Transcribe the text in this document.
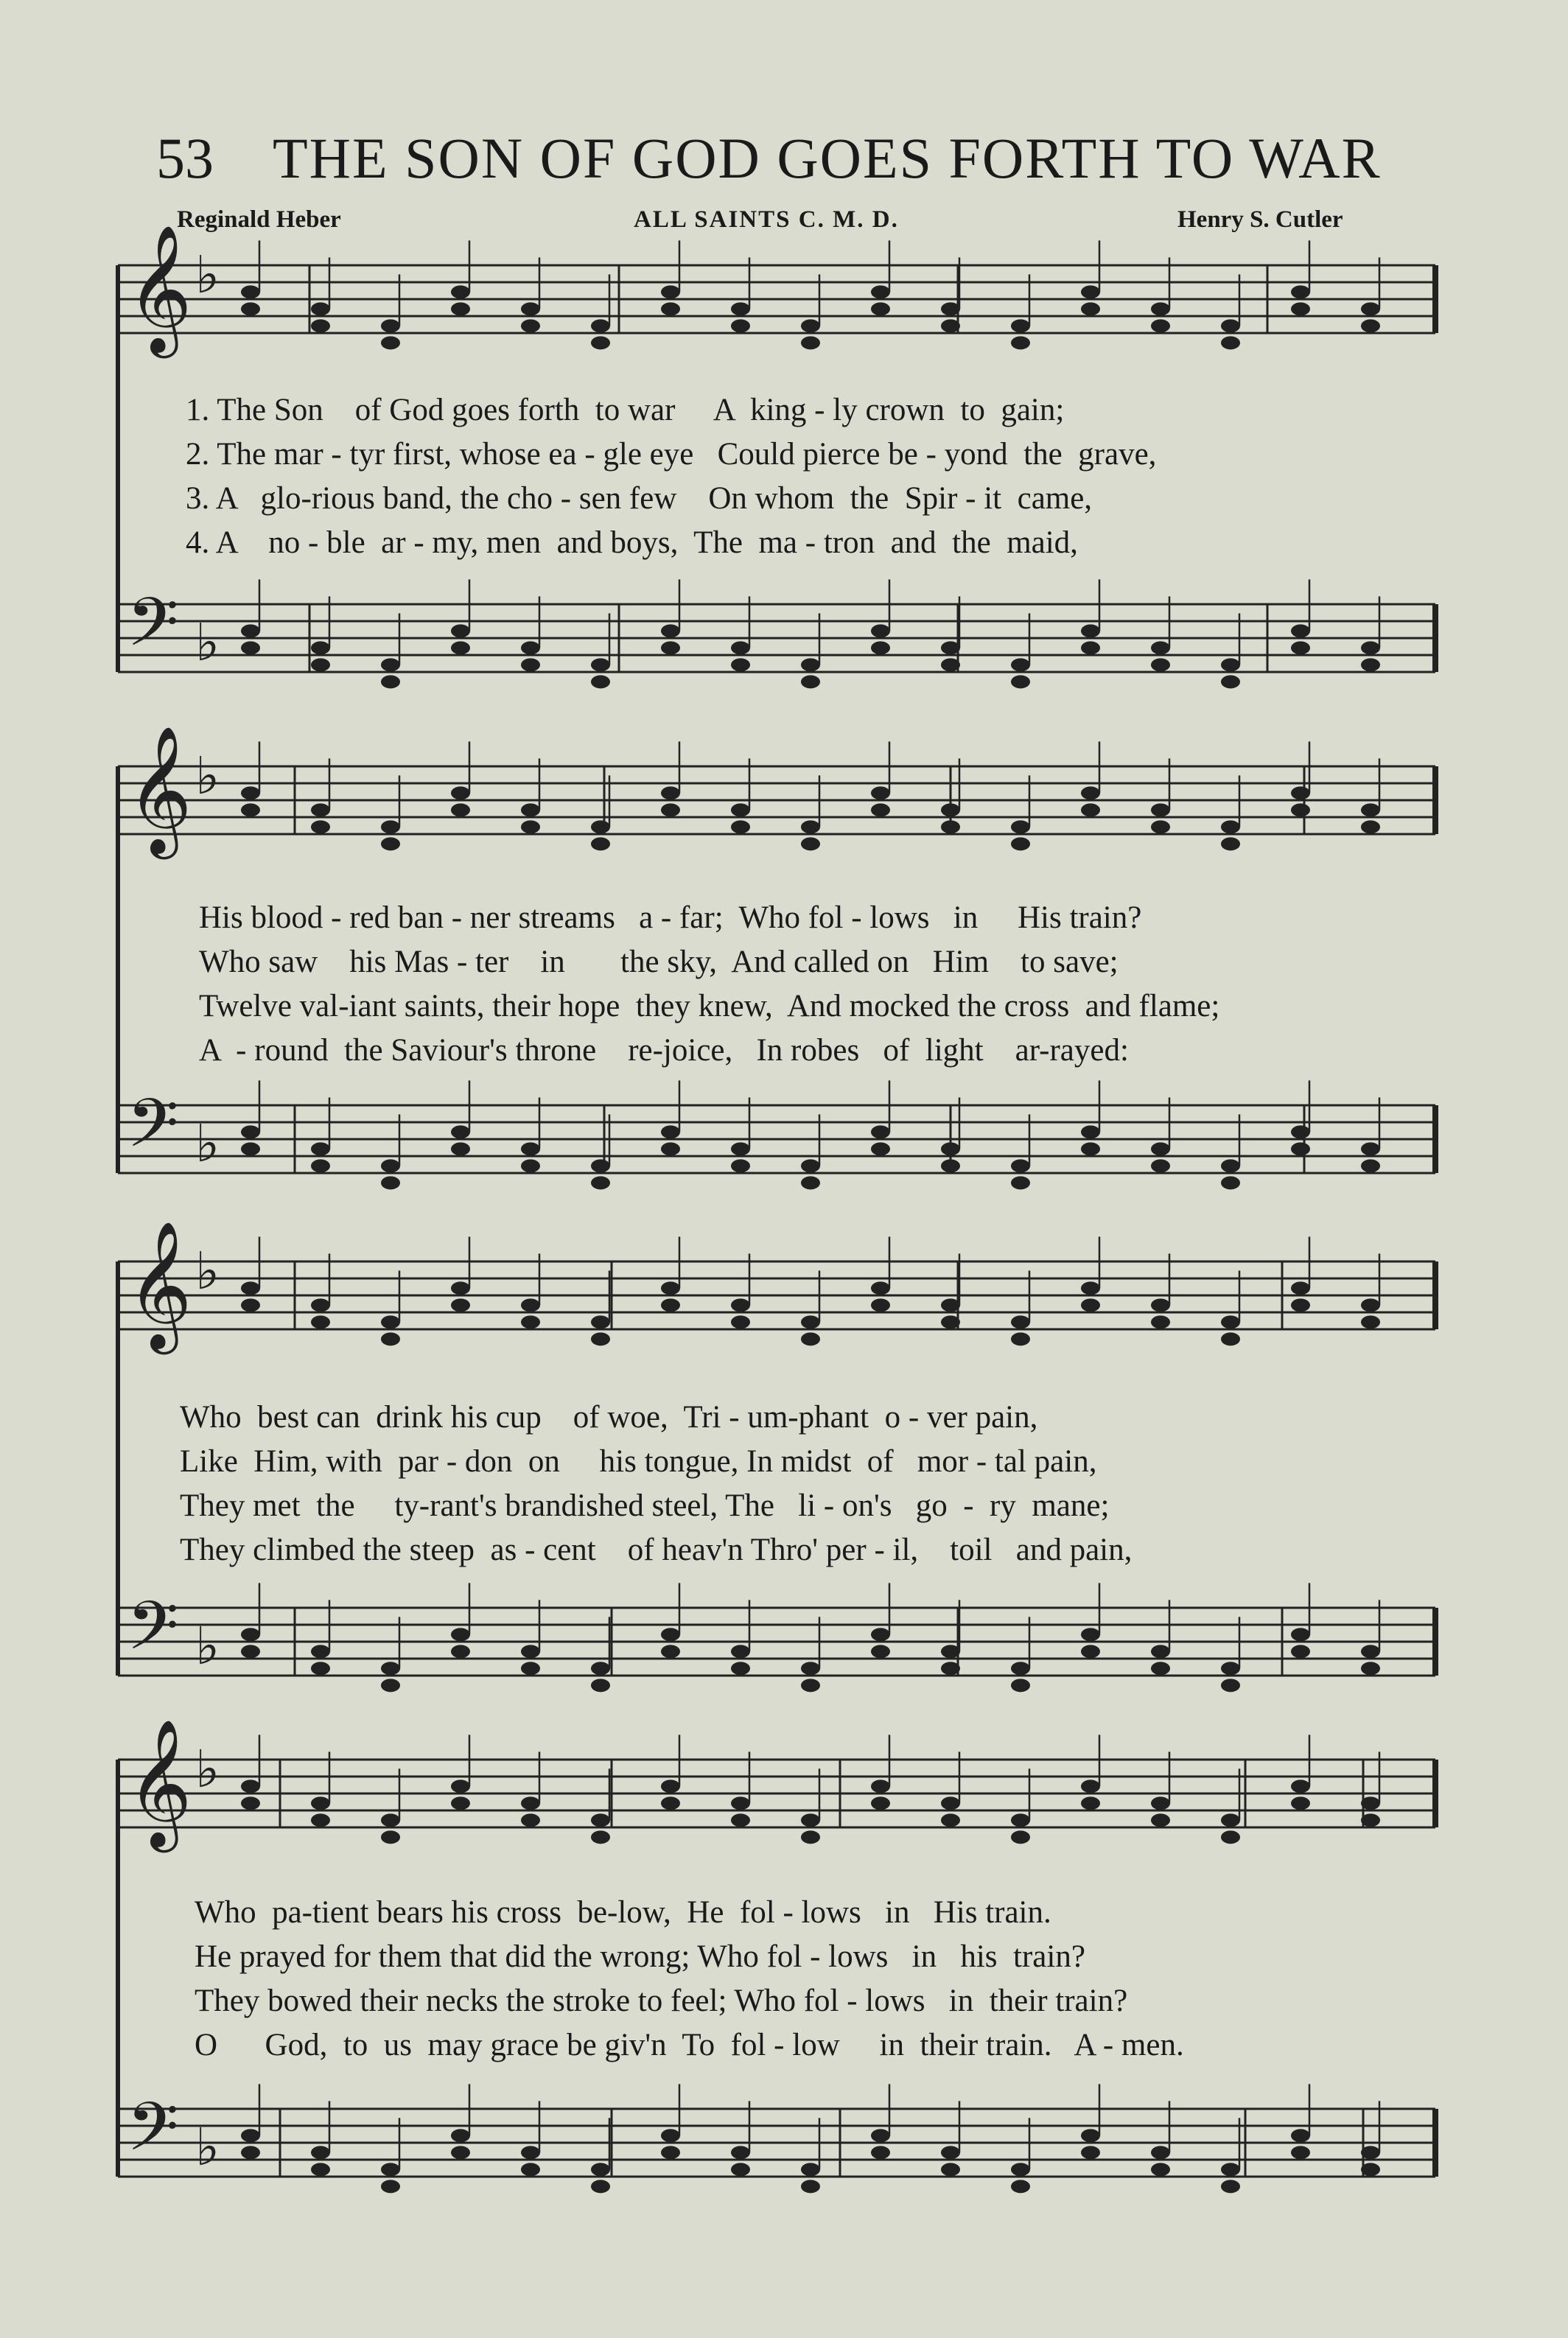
53 THE SON OF GOD GOES FORTH TO WAR
Reginald Heber	ALL SAINTS C. M. D.	Henry S. Cutler
𝄞 ♭
𝄢 ♭
𝄞 ♭
𝄢 ♭
𝄞 ♭
𝄢 ♭
𝄞 ♭
𝄢 ♭
1. The Son    of God goes forth  to war     A  king - ly crown  to  gain;
2. The mar - tyr first, whose ea - gle eye   Could pierce be - yond  the  grave,
3. A   glo-rious band, the cho - sen few    On whom  the  Spir - it  came,
4. A    no - ble  ar - my, men  and boys,  The  ma - tron  and  the  maid,
His blood - red ban - ner streams   a - far;  Who fol - lows   in     His train?
Who saw    his Mas - ter    in       the sky,  And called on   Him    to save;
Twelve val-iant saints, their hope  they knew,  And mocked the cross  and flame;
A  - round  the Saviour's throne    re-joice,   In robes   of  light    ar-rayed:
Who  best can  drink his cup    of woe,  Tri - um-phant  o - ver pain,
Like  Him, with  par - don  on     his tongue, In midst  of   mor - tal pain,
They met  the     ty-rant's brandished steel, The   li - on's   go  -  ry  mane;
They climbed the steep  as - cent    of heav'n Thro' per - il,    toil   and pain,
Who  pa-tient bears his cross  be-low,  He  fol - lows   in   His train.
He prayed for them that did the wrong; Who fol - lows   in   his  train?
They bowed their necks the stroke to feel; Who fol - lows   in  their train?
O      God,  to  us  may grace be giv'n  To  fol - low     in  their train.   A - men.
